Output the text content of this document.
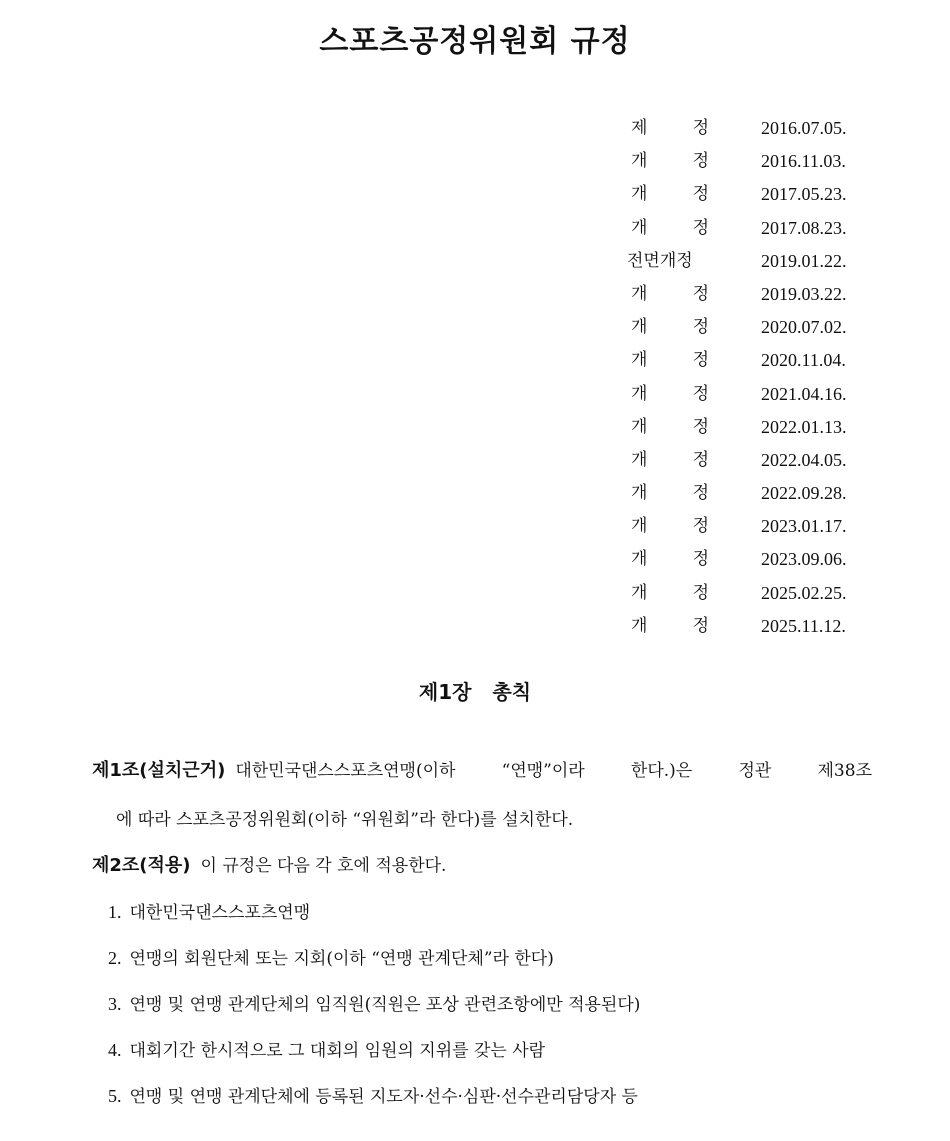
스포츠공정위원회 규정
제	정	2016.07.05.
개	정	2016.11.03.
개	정	2017.05.23.
개	정	2017.08.23.
전면개정	2019.01.22.
개	정	2019.03.22.
개	정	2020.07.02.
개	정	2020.11.04.
개	정	2021.04.16.
개	정	2022.01.13.
개	정	2022.04.05.
개	정	2022.09.28.
개	정	2023.01.17.
개	정	2023.09.06.
개	정	2025.02.25.
개	정	2025.11.12.
제1장 총칙
제1조(설치근거) 대한민국댄스스포츠연맹(이하 “연맹”이라 한다.)은 정관 제38조
에 따라 스포츠공정위원회(이하 “위원회”라 한다)를 설치한다.
제2조(적용) 이 규정은 다음 각 호에 적용한다.
1. 대한민국댄스스포츠연맹
2. 연맹의 회원단체 또는 지회(이하 “연맹 관계단체”라 한다)
3. 연맹 및 연맹 관계단체의 임직원(직원은 포상 관련조항에만 적용된다)
4. 대회기간 한시적으로 그 대회의 임원의 지위를 갖는 사람
5. 연맹 및 연맹 관계단체에 등록된 지도자·선수·심판·선수관리담당자 등
